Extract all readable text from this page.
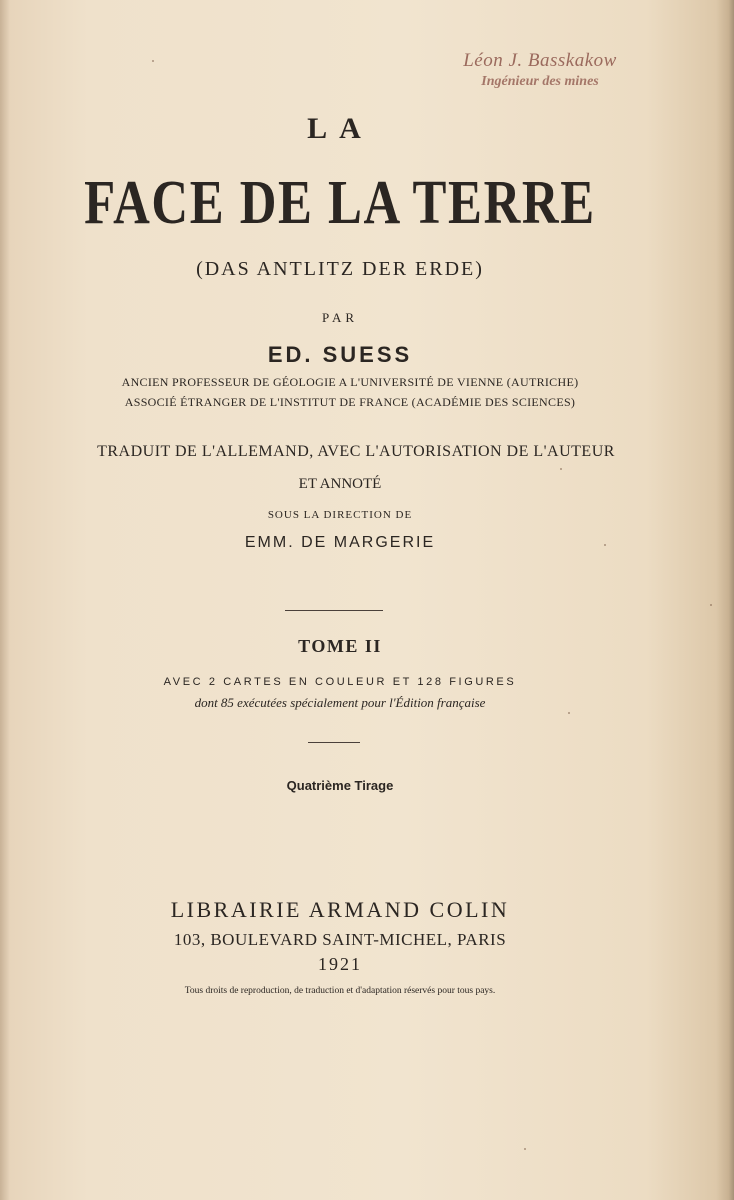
Léon J. Basskakow
Ingénieur des mines
LA
FACE DE LA TERRE
(DAS ANTLITZ DER ERDE)
PAR
ED. SUESS
ANCIEN PROFESSEUR DE GÉOLOGIE A L'UNIVERSITÉ DE VIENNE (AUTRICHE)
ASSOCIÉ ÉTRANGER DE L'INSTITUT DE FRANCE (ACADÉMIE DES SCIENCES)
TRADUIT DE L'ALLEMAND, AVEC L'AUTORISATION DE L'AUTEUR
ET ANNOTÉ
SOUS LA DIRECTION DE
EMM. DE MARGERIE
TOME II
AVEC 2 CARTES EN COULEUR ET 128 FIGURES
dont 85 exécutées spécialement pour l'Édition française
Quatrième Tirage
LIBRAIRIE ARMAND COLIN
103, BOULEVARD SAINT-MICHEL, PARIS
1921
Tous droits de reproduction, de traduction et d'adaptation réservés pour tous pays.
